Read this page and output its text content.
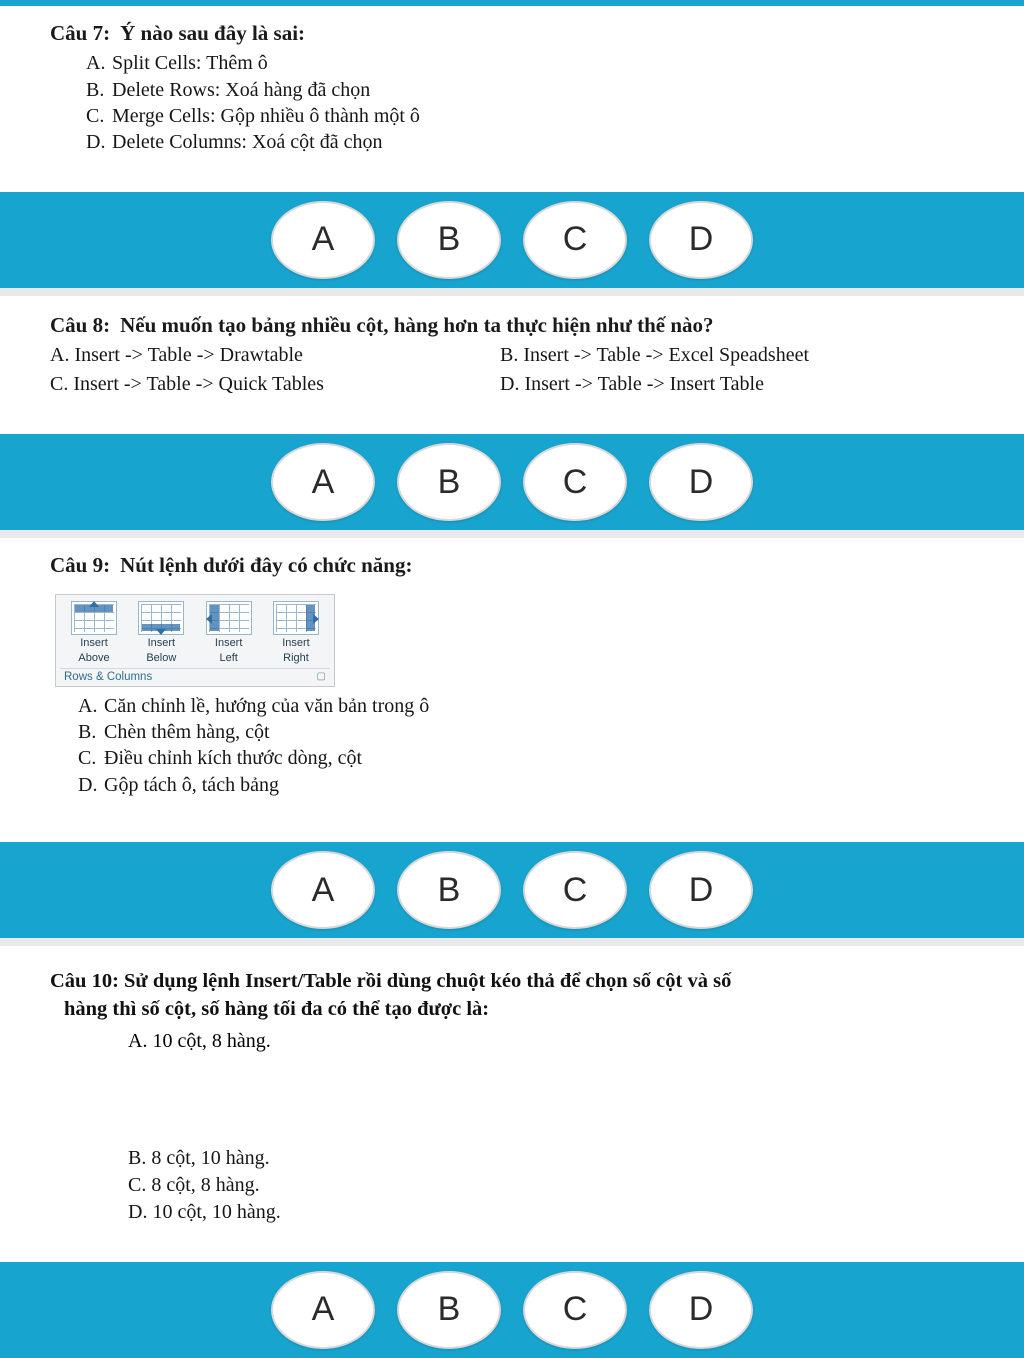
Câu 7: Ý nào sau đây là sai:
A. Split Cells: Thêm ô
B. Delete Rows: Xoá hàng đã chọn
C. Merge Cells: Gộp nhiều ô thành một ô
D. Delete Columns: Xoá cột đã chọn
A	B	C	D
Câu 8: Nếu muốn tạo bảng nhiều cột, hàng hơn ta thực hiện như thế nào?
A. Insert -> Table -> Drawtable	B. Insert -> Table -> Excel Speadsheet
C. Insert -> Table -> Quick Tables	D. Insert -> Table -> Insert Table
A	B	C	D
Câu 9: Nút lệnh dưới đây có chức năng:
Insert
Above
Insert
Below
Insert
Left
Insert
Right
Rows & Columns	▢
A. Căn chỉnh lề, hướng của văn bản trong ô
B. Chèn thêm hàng, cột
C. Điều chỉnh kích thước dòng, cột
D. Gộp tách ô, tách bảng
A	B	C	D
Câu 10: Sử dụng lệnh Insert/Table rồi dùng chuột kéo thả để chọn số cột và số
hàng thì số cột, số hàng tối đa có thể tạo được là:
A. 10 cột, 8 hàng.
B. 8 cột, 10 hàng.
C. 8 cột, 8 hàng.
D. 10 cột, 10 hàng.
A	B	C	D
